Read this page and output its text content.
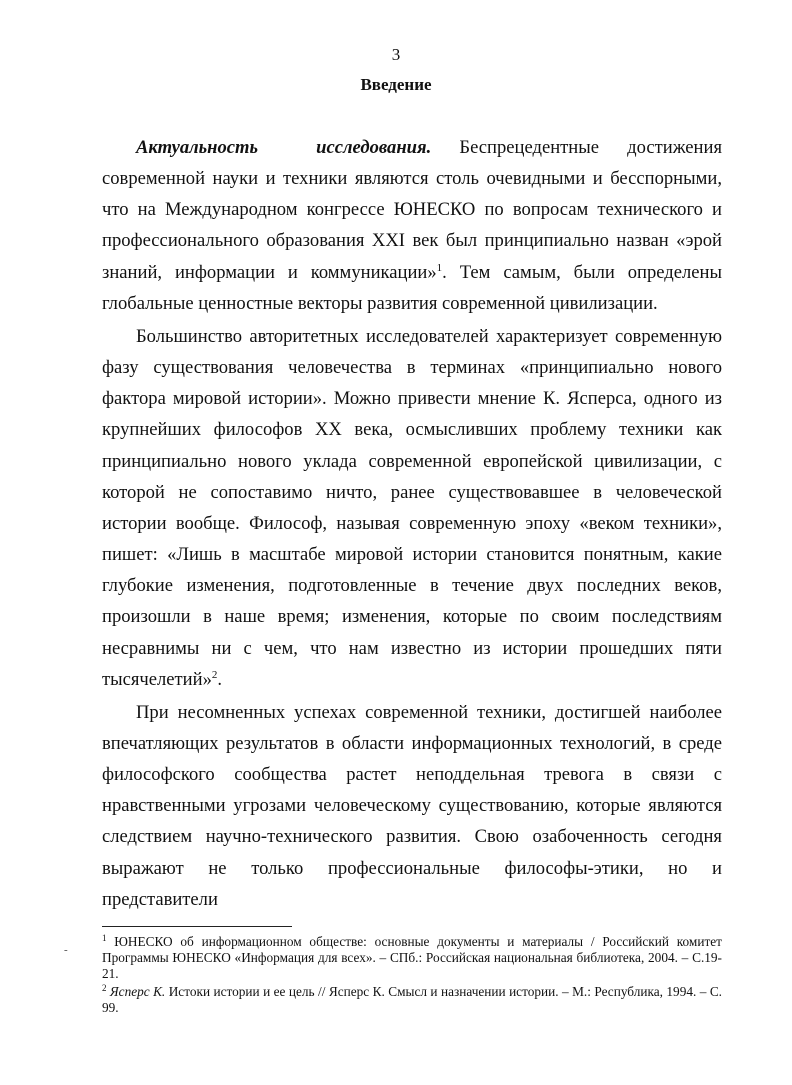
3
Введение

Актуальность исследования. Беспрецедентные достижения современной науки и техники являются столь очевидными и бесспорными, что на Международном конгрессе ЮНЕСКО по вопросам технического и профессионального образования XXI век был принципиально назван «эрой знаний, информации и коммуникации»$^1$. Тем самым, были определены глобальные ценностные векторы развития современной цивилизации.

Большинство авторитетных исследователей характеризует современную фазу существования человечества в терминах «принципиально нового фактора мировой истории». Можно привести мнение К. Ясперса, одного из крупнейших философов XX века, осмысливших проблему техники как принципиально нового уклада современной европейской цивилизации, с которой не сопоставимо ничто, ранее существовавшее в человеческой истории вообще. Философ, называя современную эпоху «веком техники», пишет: «Лишь в масштабе мировой истории становится понятным, какие глубокие изменения, подготовленные в течение двух последних веков, произошли в наше время; изменения, которые по своим последствиям несравнимы ни с чем, что нам известно из истории прошедших пяти тысячелетий»$^2$.

При несомненных успехах современной техники, достигшей наиболее впечатляющих результатов в области информационных технологий, в среде философского сообщества растет неподдельная тревога в связи с нравственными угрозами человеческому существованию, которые являются следствием научно-технического развития. Свою озабоченность сегодня выражают не только профессиональные философы-этики, но и представители

-

$^1$ ЮНЕСКО об информационном обществе: основные документы и материалы / Российский комитет Программы ЮНЕСКО «Информация для всех». – СПб.: Российская национальная библиотека, 2004. – С.19-21.

$^2$ Ясперс К. Истоки истории и ее цель // Ясперс К. Смысл и назначении истории. – М.: Республика, 1994. – С. 99.
